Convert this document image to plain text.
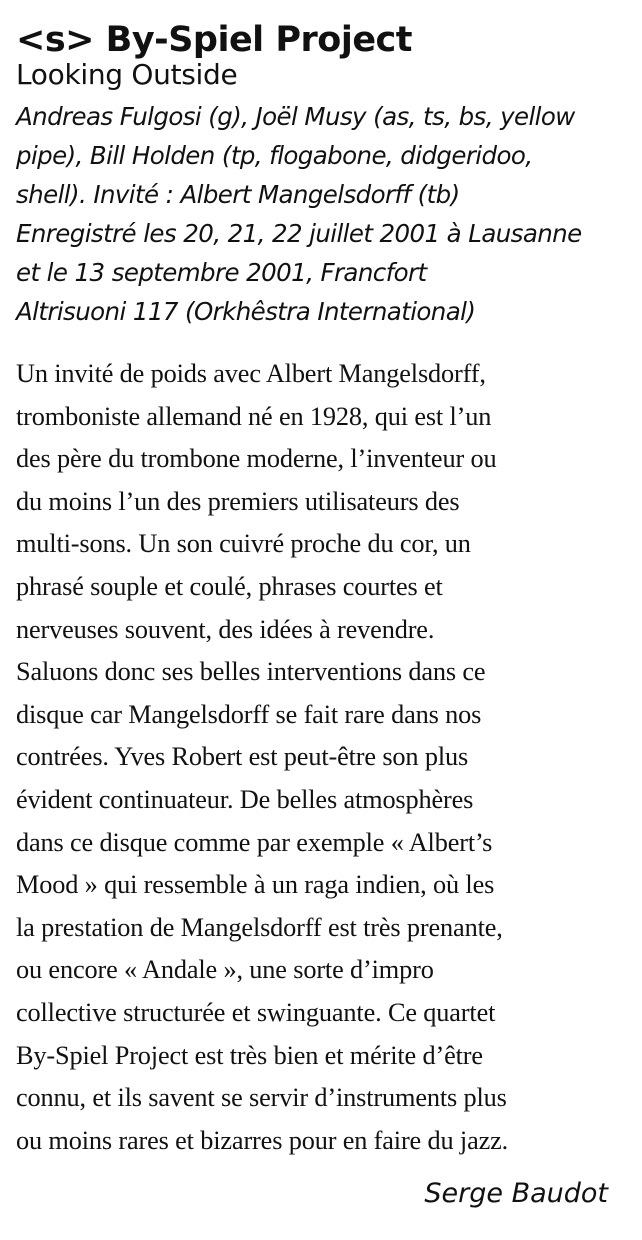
<s> By-Spiel Project
Looking Outside
Andreas Fulgosi (g), Joël Musy (as, ts, bs, yellow
pipe), Bill Holden (tp, flogabone, didgeridoo,
shell). Invité : Albert Mangelsdorff (tb)
Enregistré les 20, 21, 22 juillet 2001 à Lausanne
et le 13 septembre 2001, Francfort
Altrisuoni 117 (Orkhêstra International)
Un invité de poids avec Albert Mangelsdorff,
tromboniste allemand né en 1928, qui est l’un
des père du trombone moderne, l’inventeur ou
du moins l’un des premiers utilisateurs des
multi-sons. Un son cuivré proche du cor, un
phrasé souple et coulé, phrases courtes et
nerveuses souvent, des idées à revendre.
Saluons donc ses belles interventions dans ce
disque car Mangelsdorff se fait rare dans nos
contrées. Yves Robert est peut-être son plus
évident continuateur. De belles atmosphères
dans ce disque comme par exemple « Albert’s
Mood » qui ressemble à un raga indien, où les
la prestation de Mangelsdorff est très prenante,
ou encore « Andale », une sorte d’impro
collective structurée et swinguante. Ce quartet
By-Spiel Project est très bien et mérite d’être
connu, et ils savent se servir d’instruments plus
ou moins rares et bizarres pour en faire du jazz.
Serge Baudot
